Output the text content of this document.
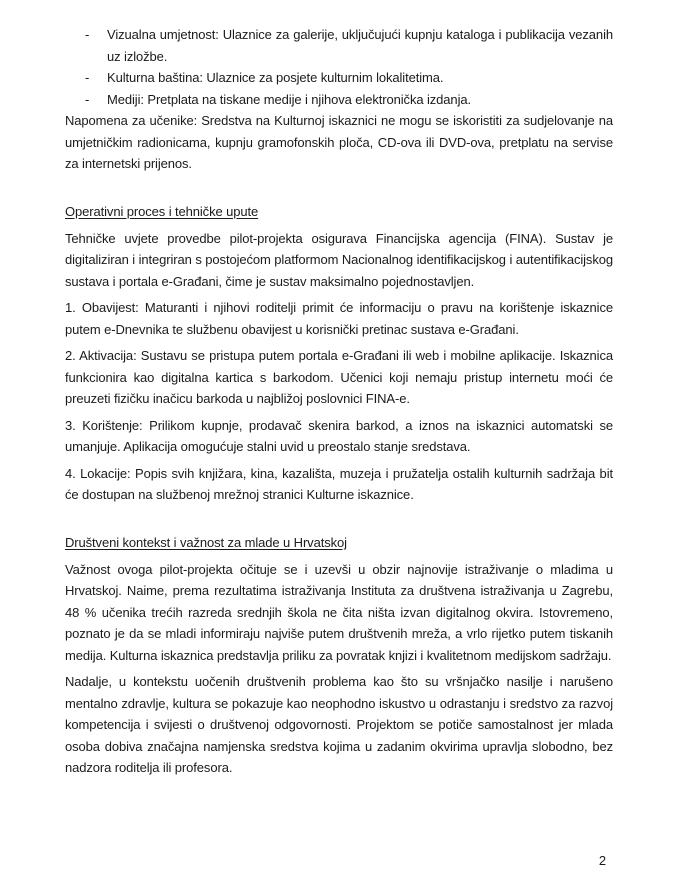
- Vizualna umjetnost: Ulaznice za galerije, uključujući kupnju kataloga i publikacija vezanih uz izložbe.
- Kulturna baština: Ulaznice za posjete kulturnim lokalitetima.
- Mediji: Pretplata na tiskane medije i njihova elektronička izdanja.

Napomena za učenike: Sredstva na Kulturnoj iskaznici ne mogu se iskoristiti za sudjelovanje na umjetničkim radionicama, kupnju gramofonskih ploča, CD-ova ili DVD-ova, pretplatu na servise za internetski prijenos.

Operativni proces i tehničke upute

Tehničke uvjete provedbe pilot-projekta osigurava Financijska agencija (FINA). Sustav je digitaliziran i integriran s postojećom platformom Nacionalnog identifikacijskog i autentifikacijskog sustava i portala e-Građani, čime je sustav maksimalno pojednostavljen.

1. Obavijest: Maturanti i njihovi roditelji primit će informaciju o pravu na korištenje iskaznice putem e-Dnevnika te službenu obavijest u korisnički pretinac sustava e-Građani.

2. Aktivacija: Sustavu se pristupa putem portala e-Građani ili web i mobilne aplikacije. Iskaznica funkcionira kao digitalna kartica s barkodom. Učenici koji nemaju pristup internetu moći će preuzeti fizičku inačicu barkoda u najbližoj poslovnici FINA-e.

3. Korištenje: Prilikom kupnje, prodavač skenira barkod, a iznos na iskaznici automatski se umanjuje. Aplikacija omogućuje stalni uvid u preostalo stanje sredstava.

4. Lokacije: Popis svih knjižara, kina, kazališta, muzeja i pružatelja ostalih kulturnih sadržaja bit će dostupan na službenoj mrežnoj stranici Kulturne iskaznice.

Društveni kontekst i važnost za mlade u Hrvatskoj

Važnost ovoga pilot-projekta očituje se i uzevši u obzir najnovije istraživanje o mladima u Hrvatskoj. Naime, prema rezultatima istraživanja Instituta za društvena istraživanja u Zagrebu, 48 % učenika trećih razreda srednjih škola ne čita ništa izvan digitalnog okvira. Istovremeno, poznato je da se mladi informiraju najviše putem društvenih mreža, a vrlo rijetko putem tiskanih medija. Kulturna iskaznica predstavlja priliku za povratak knjizi i kvalitetnom medijskom sadržaju.

Nadalje, u kontekstu uočenih društvenih problema kao što su vršnjačko nasilje i narušeno mentalno zdravlje, kultura se pokazuje kao neophodno iskustvo u odrastanju i sredstvo za razvoj kompetencija i svijesti o društvenoj odgovornosti. Projektom se potiče samostalnost jer mlada osoba dobiva značajna namjenska sredstva kojima u zadanim okvirima upravlja slobodno, bez nadzora roditelja ili profesora.

2
